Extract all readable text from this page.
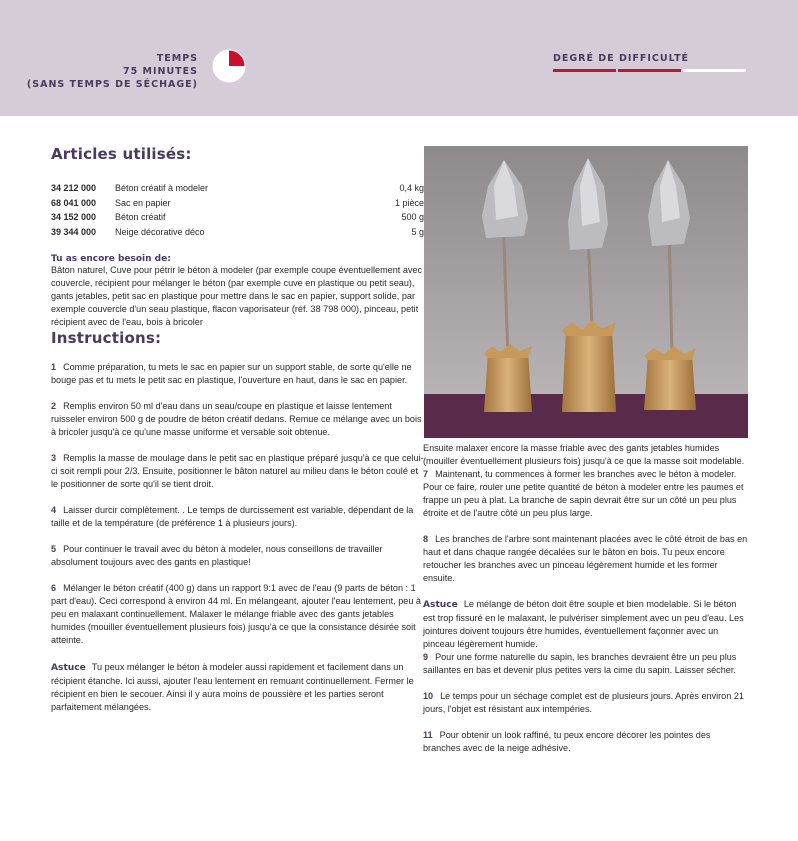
TEMPS
75 MINUTES
(SANS TEMPS DE SÉCHAGE)
DEGRÉ DE DIFFICULTÉ
Articles utilisés:
34 212 000	Béton créatif à modeler	0,4 kg
68 041 000	Sac en papier	1 pièce
34 152 000	Béton créatif	500 g
39 344 000	Neige décorative déco	5 g
Tu as encore besoin de:

Bâton naturel, Cuve pour pétrir le béton à modeler (par exemple coupe éventuellement avec couvercle, récipient pour mélanger le béton (par exemple cuve en plastique ou petit seau), gants jetables, petit sac en plastique pour mettre dans le sac en papier, support solide, par exemple couvercle d'un seau plastique, flacon vaporisateur (réf. 38 798 000), pinceau, petit récipient avec de l'eau, bois à bricoler

Instructions:

1 Comme préparation, tu mets le sac en papier sur un support stable, de sorte qu'elle ne bouge pas et tu mets le petit sac en plastique, l'ouverture en haut, dans le sac en papier.

2 Remplis environ 50 ml d'eau dans un seau/coupe en plastique et laisse lentement ruisseler environ 500 g de poudre de béton créatif dedans. Remue ce mélange avec un bois à bricoler jusqu'à ce qu'une masse uniforme et versable soit obtenue.

3 Remplis la masse de moulage dans le petit sac en plastique préparé jusqu'à ce que celui-ci soit rempli pour 2/3. Ensuite, positionner le bâton naturel au milieu dans le béton coulé et le positionner de sorte qu'il se tient droit.

4 Laisser durcir complètement. . Le temps de durcissement est variable, dépendant de la taille et de la température (de préférence 1 à plusieurs jours).

5 Pour continuer le travail avec du béton à modeler, nous conseillons de travailler absolument toujours avec des gants en plastique!

6 Mélanger le béton créatif (400 g) dans un rapport 9:1 avec de l'eau (9 parts de béton : 1 part d'eau). Ceci correspond à environ 44 ml. En mélangeant, ajouter l'eau lentement, peu à peu en malaxant continuellement. Malaxer le mélange friable avec des gants jetables humides (mouiller éventuellement plusieurs fois) jusqu'à ce que la consistance désirée soit atteinte.

Astuce Tu peux mélanger le béton à modeler aussi rapidement et facilement dans un récipient étanche. Ici aussi, ajouter l'eau lentement en remuant continuellement. Fermer le récipient en bien le secouer. Ainsi il y aura moins de poussière et les parties seront parfaitement mélangées.

Ensuite malaxer encore la masse friable avec des gants jetables humides (mouiller éventuellement plusieurs fois) jusqu'à ce que la masse soit modelable.

7 Maintenant, tu commences à former les branches avec le béton à modeler. Pour ce faire, rouler une petite quantité de béton à modeler entre les paumes et frappe un peu à plat. La branche de sapin devrait être sur un côté un peu plus étroite et de l'autre côté un peu plus large.

8 Les branches de l'arbre sont maintenant placées avec le côté étroit de bas en haut et dans chaque rangée décalées sur le bâton en bois. Tu peux encore retoucher les branches avec un pinceau légèrement humide et les former ensuite.

Astuce Le mélange de béton doit être souple et bien modelable. Si le béton est trop fissuré en le malaxant, le pulvériser simplement avec un peu d'eau. Les jointures doivent toujours être humides, éventuellement façonner avec un pinceau légèrement humide.

9 Pour une forme naturelle du sapin, les branches devraient être un peu plus saillantes en bas et devenir plus petites vers la cime du sapin. Laisser sécher.

10 Le temps pour un séchage complet est de plusieurs jours. Après environ 21 jours, l'objet est résistant aux intempéries.

11 Pour obtenir un look raffiné, tu peux encore décorer les pointes des branches avec de la neige adhésive.
